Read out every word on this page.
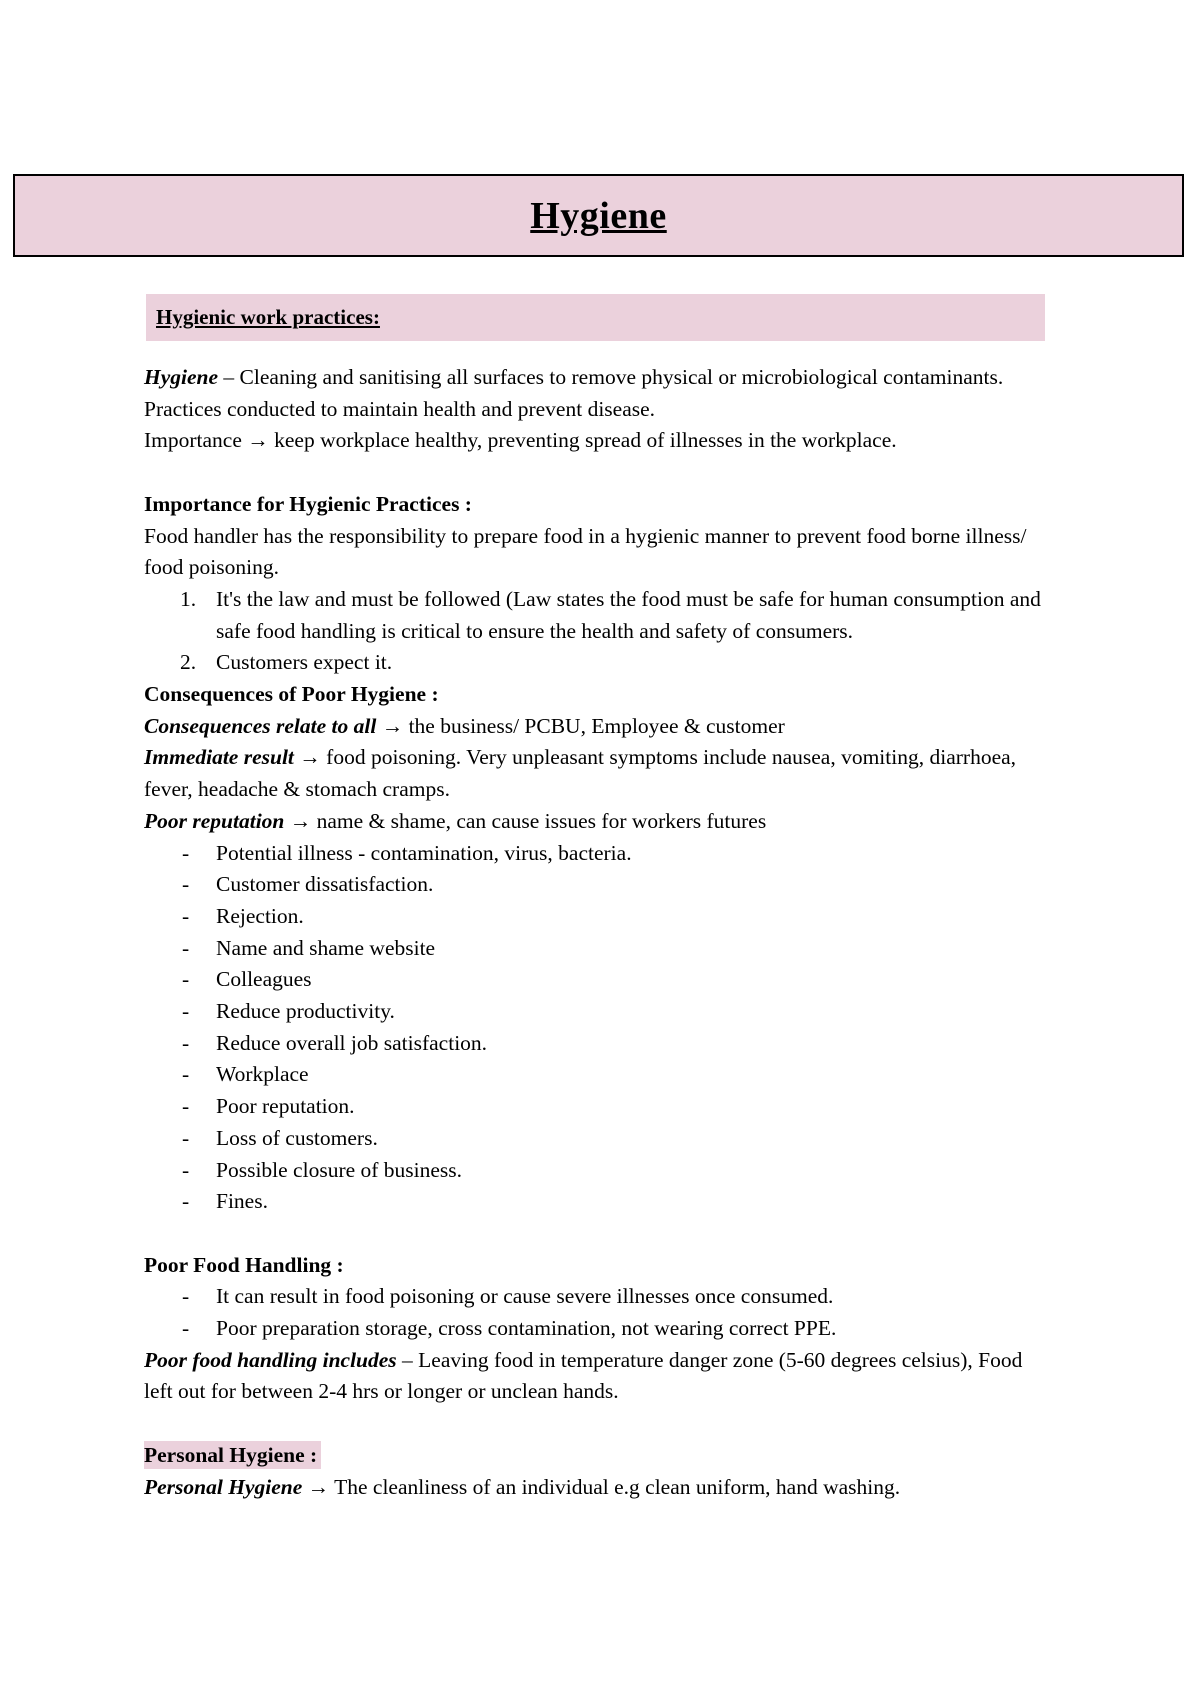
Hygiene
Hygienic work practices:

Hygiene – Cleaning and sanitising all surfaces to remove physical or microbiological contaminants. Practices conducted to maintain health and prevent disease.

Importance → keep workplace healthy, preventing spread of illnesses in the workplace.

Importance for Hygienic Practices :

Food handler has the responsibility to prepare food in a hygienic manner to prevent food borne illness/ food poisoning.

1. It's the law and must be followed (Law states the food must be safe for human consumption and safe food handling is critical to ensure the health and safety of consumers.
2. Customers expect it.

Consequences of Poor Hygiene :

Consequences relate to all → the business/ PCBU, Employee & customer

Immediate result → food poisoning. Very unpleasant symptoms include nausea, vomiting, diarrhoea, fever, headache & stomach cramps.

Poor reputation → name & shame, can cause issues for workers futures

- Potential illness - contamination, virus, bacteria.
- Customer dissatisfaction.
- Rejection.
- Name and shame website
- Colleagues
- Reduce productivity.
- Reduce overall job satisfaction.
- Workplace
- Poor reputation.
- Loss of customers.
- Possible closure of business.
- Fines.

Poor Food Handling :

- It can result in food poisoning or cause severe illnesses once consumed.
- Poor preparation storage, cross contamination, not wearing correct PPE.

Poor food handling includes – Leaving food in temperature danger zone (5-60 degrees celsius), Food left out for between 2-4 hrs or longer or unclean hands.

Personal Hygiene :

Personal Hygiene → The cleanliness of an individual e.g clean uniform, hand washing.
